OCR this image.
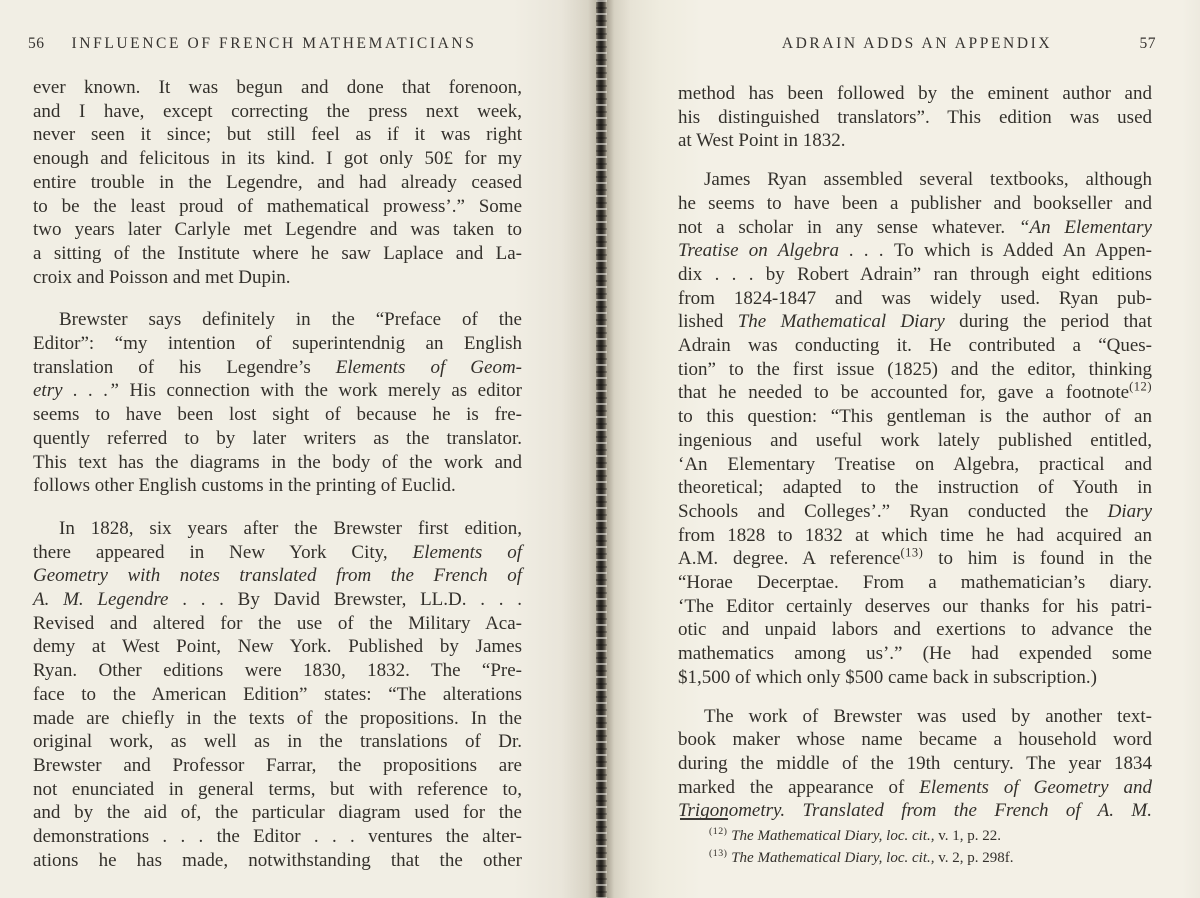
56	INFLUENCE OF FRENCH MATHEMATICIANS
ever known. It was begun and done that forenoon,
and I have, except correcting the press next week,
never seen it since; but still feel as if it was right
enough and felicitous in its kind. I got only 50£ for my
entire trouble in the Legendre, and had already ceased
to be the least proud of mathematical prowess’.” Some
two years later Carlyle met Legendre and was taken to
a sitting of the Institute where he saw Laplace and La-
croix and Poisson and met Dupin.
Brewster says definitely in the “Preface of the
Editor”: “my intention of superintendnig an English
translation of his Legendre’s Elements of Geom-
etry . . .” His connection with the work merely as editor
seems to have been lost sight of because he is fre-
quently referred to by later writers as the translator.
This text has the diagrams in the body of the work and
follows other English customs in the printing of Euclid.
In 1828, six years after the Brewster first edition,
there appeared in New York City, Elements of
Geometry with notes translated from the French of
A. M. Legendre . . . By David Brewster, LL.D. . . .
Revised and altered for the use of the Military Aca-
demy at West Point, New York. Published by James
Ryan. Other editions were 1830, 1832. The “Pre-
face to the American Edition” states: “The alterations
made are chiefly in the texts of the propositions. In the
original work, as well as in the translations of Dr.
Brewster and Professor Farrar, the propositions are
not enunciated in general terms, but with reference to,
and by the aid of, the particular diagram used for the
demonstrations . . . the Editor . . . ventures the alter-
ations he has made, notwithstanding that the other
ADRAIN ADDS AN APPENDIX	57
method has been followed by the eminent author and
his distinguished translators”. This edition was used
at West Point in 1832.
James Ryan assembled several textbooks, although
he seems to have been a publisher and bookseller and
not a scholar in any sense whatever. “An Elementary
Treatise on Algebra . . . To which is Added An Appen-
dix . . . by Robert Adrain” ran through eight editions
from 1824-1847 and was widely used. Ryan pub-
lished The Mathematical Diary during the period that
Adrain was conducting it. He contributed a “Ques-
tion” to the first issue (1825) and the editor, thinking
that he needed to be accounted for, gave a footnote$^{(12)}$
to this question: “This gentleman is the author of an
ingenious and useful work lately published entitled,
‘An Elementary Treatise on Algebra, practical and
theoretical; adapted to the instruction of Youth in
Schools and Colleges’.” Ryan conducted the Diary
from 1828 to 1832 at which time he had acquired an
A.M. degree. A reference$^{(13)}$ to him is found in the
“Horae Decerptae. From a mathematician’s diary.
‘The Editor certainly deserves our thanks for his patri-
otic and unpaid labors and exertions to advance the
mathematics among us’.” (He had expended some
$1,500 of which only $500 came back in subscription.)
The work of Brewster was used by another text-
book maker whose name became a household word
during the middle of the 19th century. The year 1834
marked the appearance of Elements of Geometry and
Trigonometry. Translated from the French of A. M.
$^{(12)}$ The Mathematical Diary, loc. cit., v. 1, p. 22.
$^{(13)}$ The Mathematical Diary, loc. cit., v. 2, p. 298f.
